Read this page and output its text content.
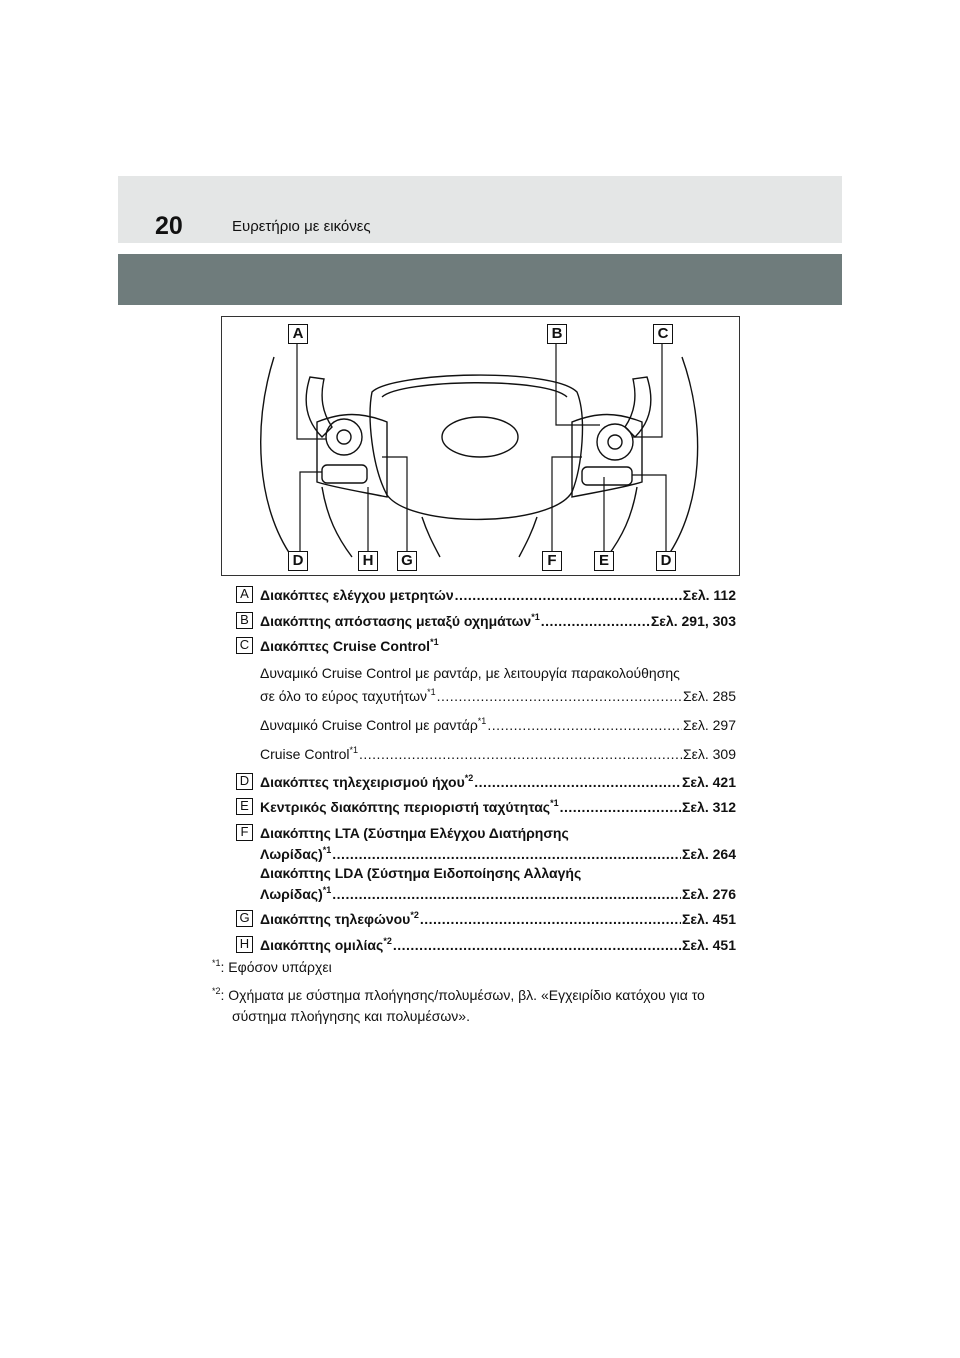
20	Ευρετήριο με εικόνες
A	B	C
D	H	G	F	E	D
A Διακόπτες ελέγχου μετρητών .....	Σελ. 112
B Διακόπτης απόστασης μεταξύ οχημάτων$^{*1}$ .....	Σελ. 291, 303
C Διακόπτες Cruise Control$^{*1}$
Δυναμικό Cruise Control με ραντάρ, με λειτουργία παρακολούθησης
σε όλο το εύρος ταχυτήτων$^{*1}$ .....	Σελ. 285
Δυναμικό Cruise Control με ραντάρ$^{*1}$ .....	Σελ. 297
Cruise Control$^{*1}$ .....	Σελ. 309
D Διακόπτες τηλεχειρισμού ήχου$^{*2}$ .....	Σελ. 421
E Κεντρικός διακόπτης περιοριστή ταχύτητας$^{*1}$ .....	Σελ. 312
F Διακόπτης LTA (Σύστημα Ελέγχου Διατήρησης
Λωρίδας)$^{*1}$ .....	Σελ. 264
Διακόπτης LDA (Σύστημα Ειδοποίησης Αλλαγής
Λωρίδας)$^{*1}$ .....	Σελ. 276
G Διακόπτης τηλεφώνου$^{*2}$ .....	Σελ. 451
H Διακόπτης ομιλίας$^{*2}$ .....	Σελ. 451
$^{*1}$: Εφόσον υπάρχει
$^{*2}$: Οχήματα με σύστημα πλοήγησης/πολυμέσων, βλ. «Εγχειρίδιο κατόχου για το
σύστημα πλοήγησης και πολυμέσων».
